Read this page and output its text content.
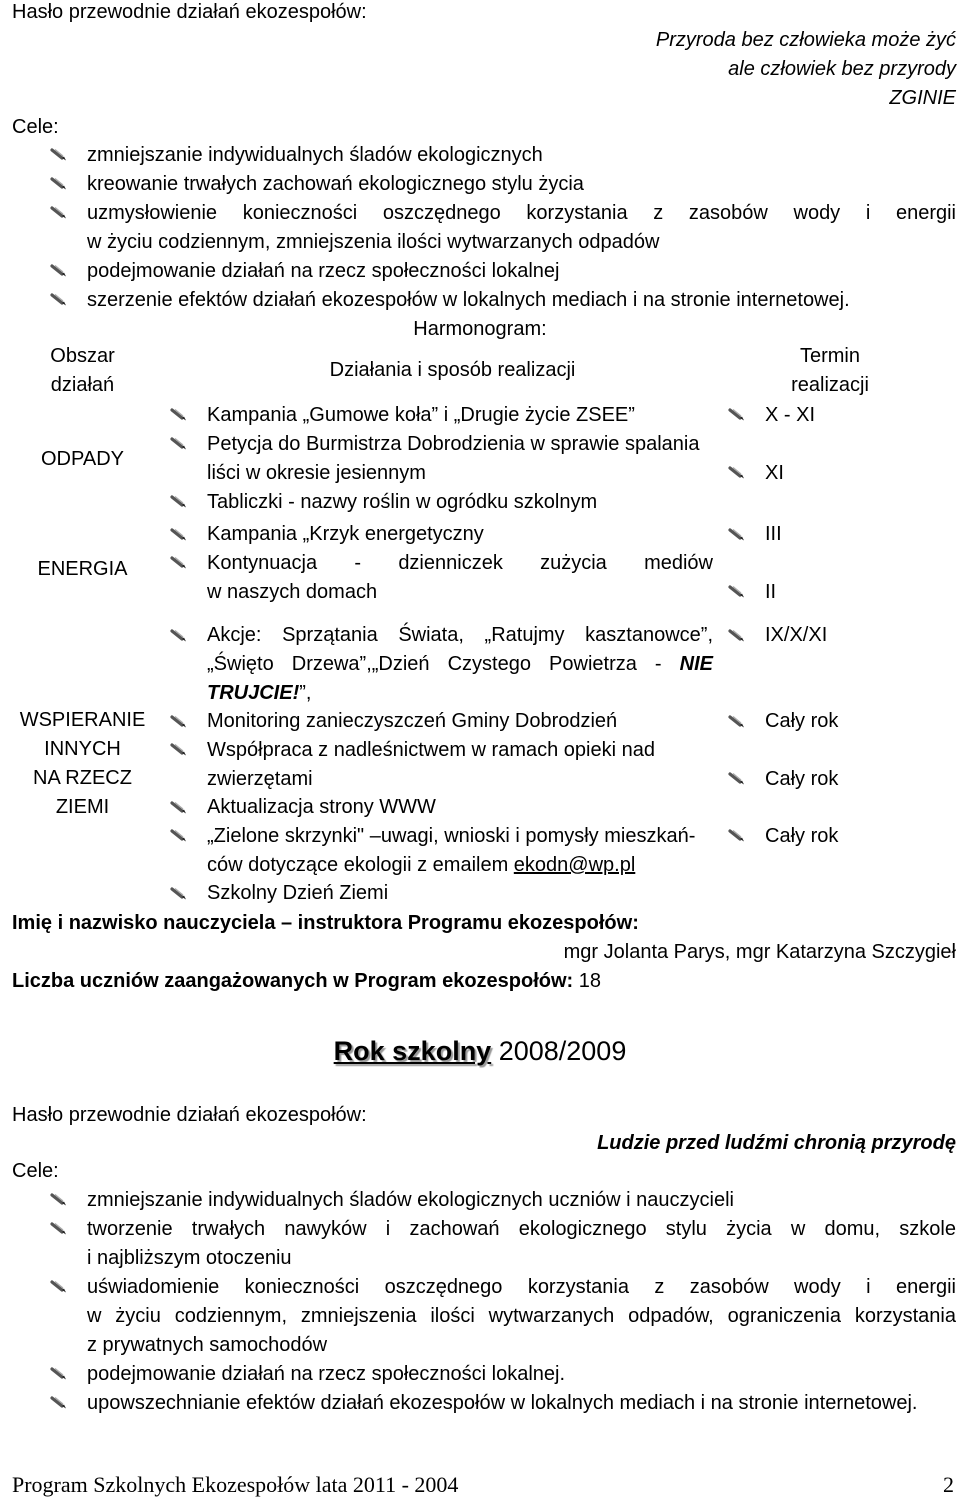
Hasło przewodnie działań ekozespołów:
Przyroda bez człowieka może żyć
ale człowiek bez przyrody
ZGINIE
Cele:
zmniejszanie indywidualnych śladów ekologicznych
kreowanie trwałych zachowań ekologicznego stylu życia
uzmysłowienie konieczności oszczędnego korzystania z zasobów wody i energii
w życiu codziennym, zmniejszenia ilości wytwarzanych odpadów
podejmowanie działań na rzecz społeczności lokalnej
szerzenie efektów działań ekozespołów w lokalnych mediach i na stronie internetowej.
Harmonogram:
Obszar
działań
Działania i sposób realizacji
Termin
realizacji
ODPADY
Kampania „Gumowe koła” i „Drugie życie ZSEE”
Petycja do Burmistrza Dobrodzienia w sprawie spalania
liści w okresie jesiennym
Tabliczki - nazwy roślin w ogródku szkolnym
X - XI
XI
ENERGIA
Kampania „Krzyk energetyczny
Kontynuacja - dzienniczek zużycia mediów
w naszych domach
III
II
WSPIERANIE
INNYCH
NA RZECZ
ZIEMI
Akcje: Sprzątania Świata, „Ratujmy kasztanowce”,
„Święto Drzewa”,„Dzień Czystego Powietrza - NIE
TRUJCIE!”,
Monitoring zanieczyszczeń Gminy Dobrodzień
Współpraca z nadleśnictwem w ramach opieki nad
zwierzętami
Aktualizacja strony WWW
„Zielone skrzynki" –uwagi, wnioski i pomysły mieszkań-
ców dotyczące ekologii z emailem ekodn@wp.pl
Szkolny Dzień Ziemi
IX/X/XI
Cały rok
Cały rok
Cały rok
Imię i nazwisko nauczyciela – instruktora Programu ekozespołów:
mgr Jolanta Parys, mgr Katarzyna Szczygieł
Liczba uczniów zaangażowanych w Program ekozespołów: 18
Rok szkolny 2008/2009
Hasło przewodnie działań ekozespołów:
Ludzie przed ludźmi chronią przyrodę
Cele:
zmniejszanie indywidualnych śladów ekologicznych uczniów i nauczycieli
tworzenie trwałych nawyków i zachowań ekologicznego stylu życia w domu, szkole
i najbliższym otoczeniu
uświadomienie konieczności oszczędnego korzystania z zasobów wody i energii
w życiu codziennym, zmniejszenia ilości wytwarzanych odpadów, ograniczenia korzystania
z prywatnych samochodów
podejmowanie działań na rzecz społeczności lokalnej.
upowszechnianie efektów działań ekozespołów w lokalnych mediach i na stronie internetowej.
Program Szkolnych Ekozespołów lata 2011 - 2004	2
